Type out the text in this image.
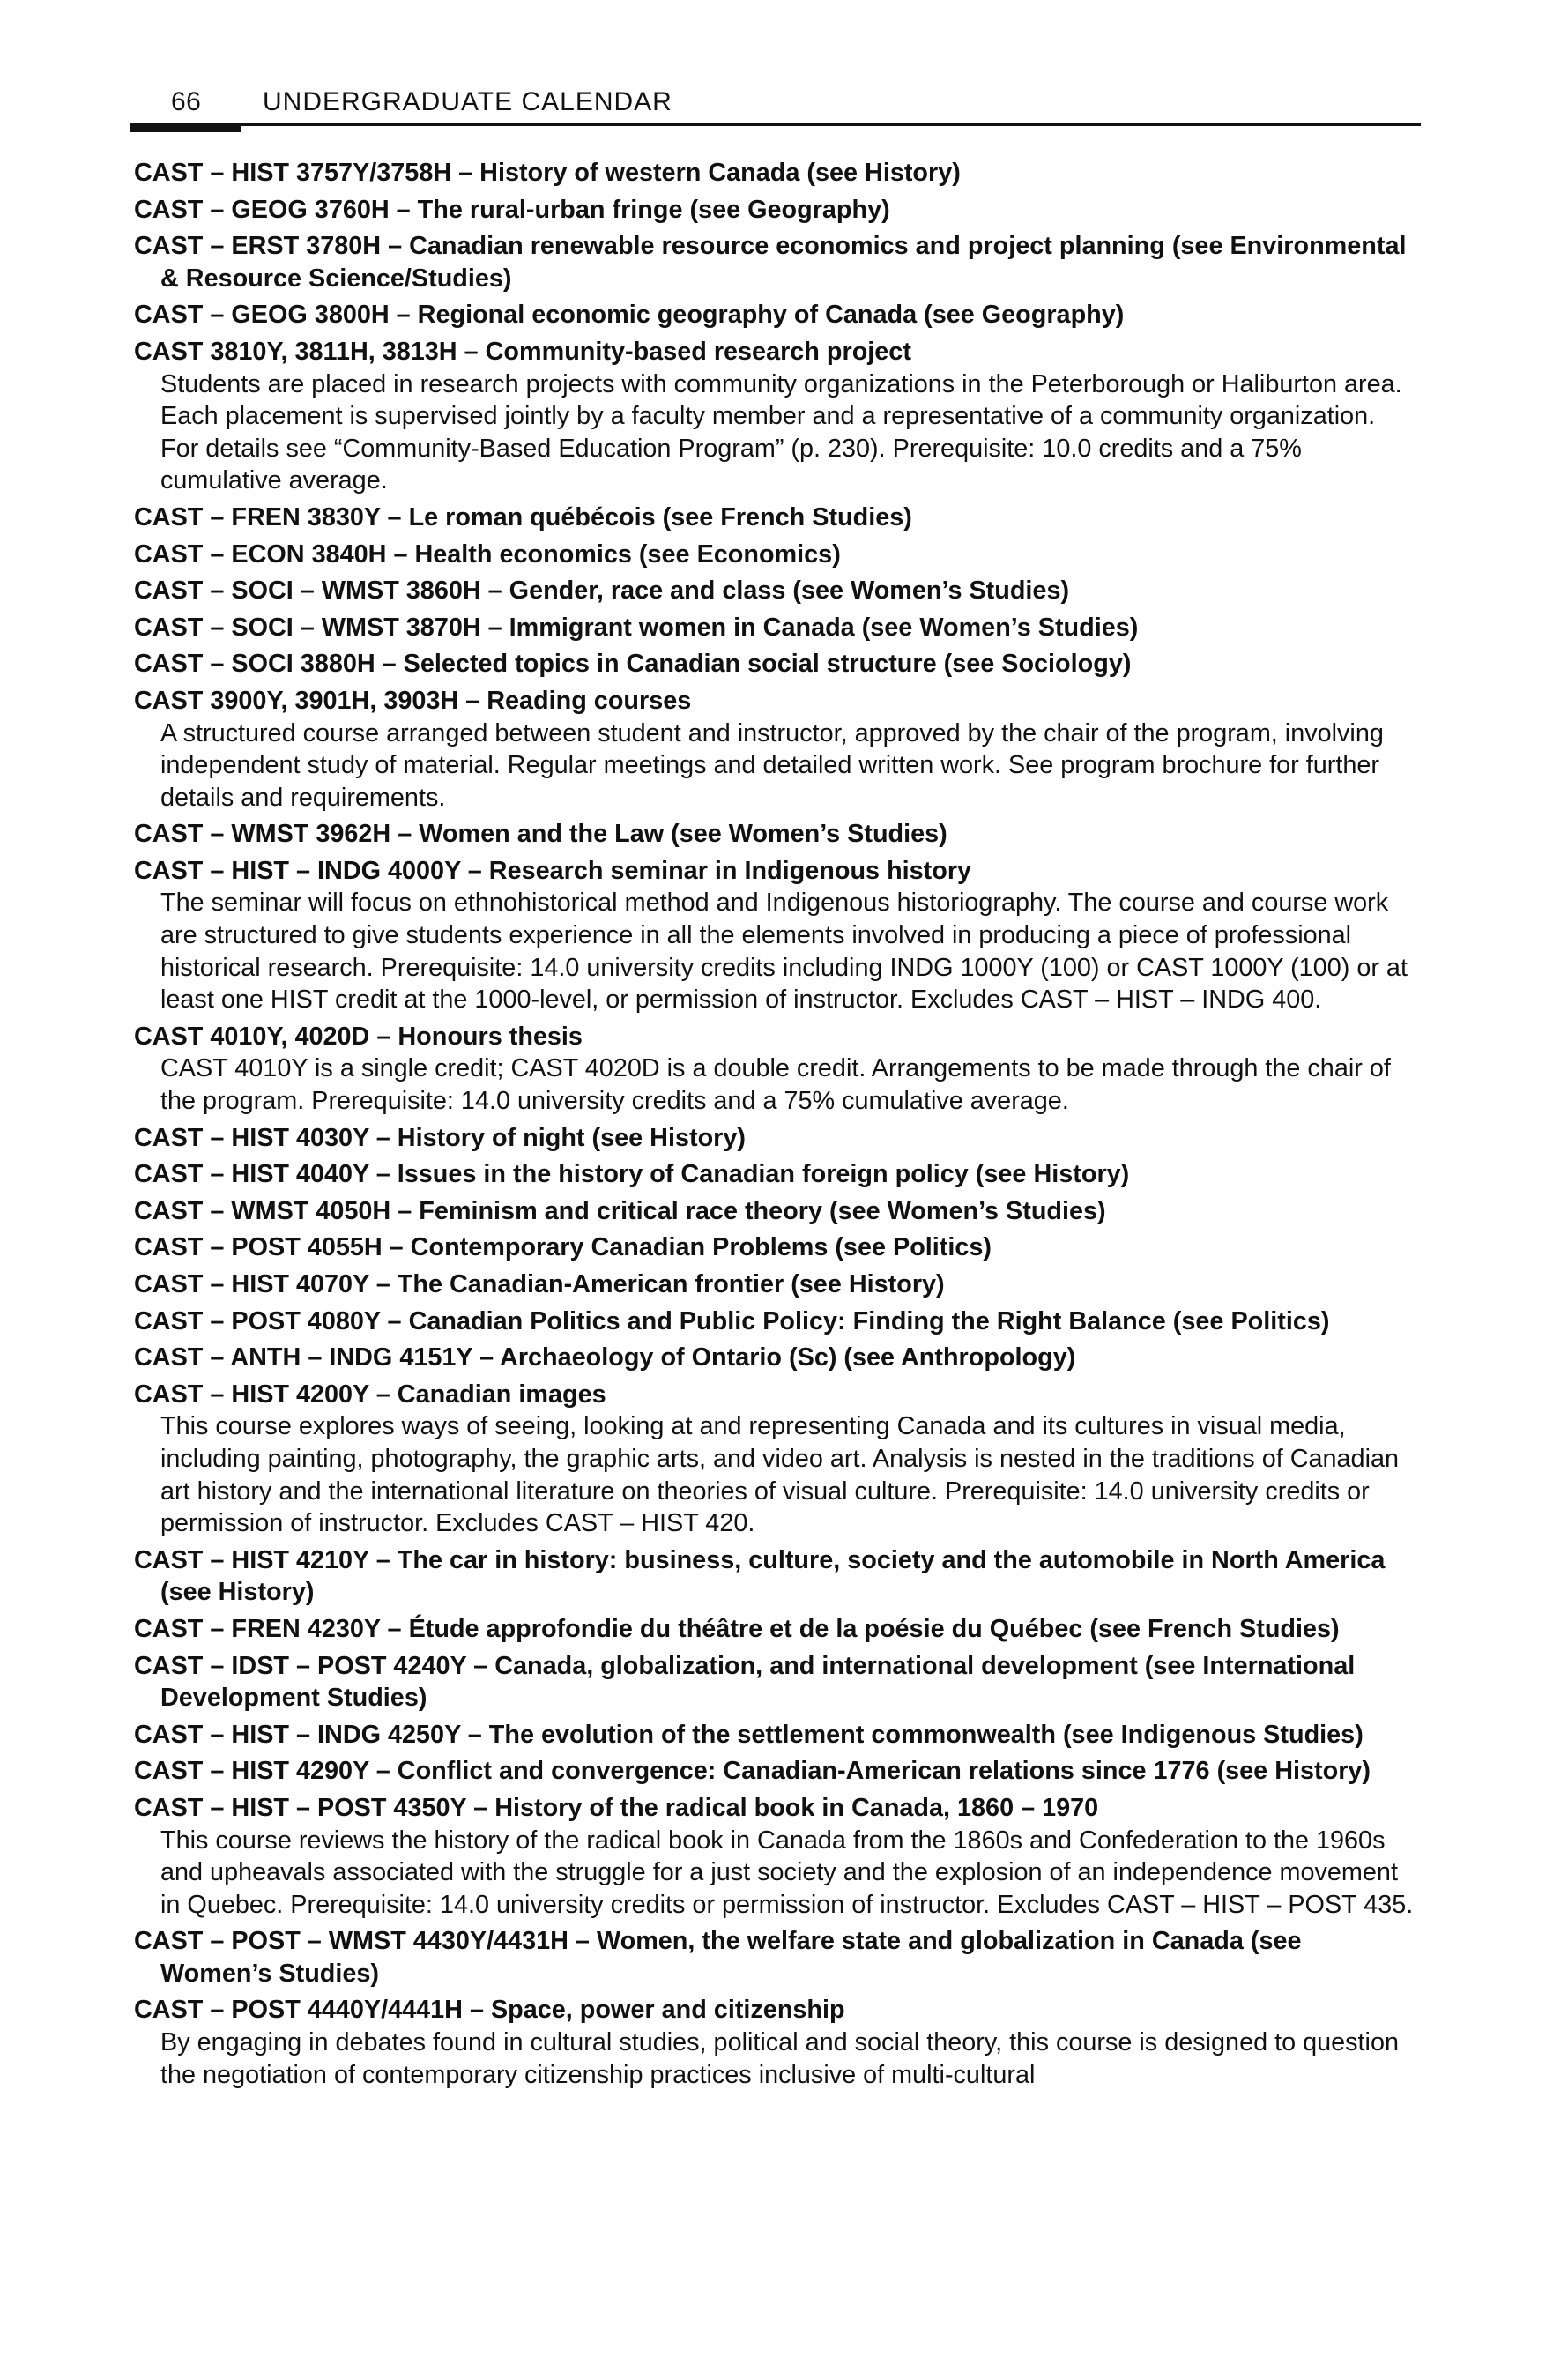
66 UNDERGRADUATE CALENDAR
CAST – HIST 3757Y/3758H – History of western Canada (see History)
CAST – GEOG 3760H – The rural-urban fringe (see Geography)
CAST – ERST 3780H – Canadian renewable resource economics and project planning (see Environmental & Resource Science/Studies)
CAST – GEOG 3800H – Regional economic geography of Canada (see Geography)
CAST 3810Y, 3811H, 3813H – Community-based research project
Students are placed in research projects with community organizations in the Peterborough or Haliburton area. Each placement is supervised jointly by a faculty member and a representative of a community organization. For details see “Community-Based Education Program” (p. 230). Prerequisite: 10.0 credits and a 75% cumulative average.
CAST – FREN 3830Y – Le roman québécois (see French Studies)
CAST – ECON 3840H – Health economics (see Economics)
CAST – SOCI – WMST 3860H – Gender, race and class (see Women’s Studies)
CAST – SOCI – WMST 3870H – Immigrant women in Canada (see Women’s Studies)
CAST – SOCI 3880H – Selected topics in Canadian social structure (see Sociology)
CAST 3900Y, 3901H, 3903H – Reading courses
A structured course arranged between student and instructor, approved by the chair of the program, involving independent study of material. Regular meetings and detailed written work. See program brochure for further details and requirements.
CAST – WMST 3962H – Women and the Law (see Women’s Studies)
CAST – HIST – INDG 4000Y – Research seminar in Indigenous history
The seminar will focus on ethnohistorical method and Indigenous historiography. The course and course work are structured to give students experience in all the elements involved in producing a piece of professional historical research. Prerequisite: 14.0 university credits including INDG 1000Y (100) or CAST 1000Y (100) or at least one HIST credit at the 1000-level, or permission of instructor. Excludes CAST – HIST – INDG 400.
CAST 4010Y, 4020D – Honours thesis
CAST 4010Y is a single credit; CAST 4020D is a double credit. Arrangements to be made through the chair of the program. Prerequisite: 14.0 university credits and a 75% cumulative average.
CAST – HIST 4030Y – History of night (see History)
CAST – HIST 4040Y – Issues in the history of Canadian foreign policy (see History)
CAST – WMST 4050H – Feminism and critical race theory (see Women’s Studies)
CAST – POST 4055H – Contemporary Canadian Problems (see Politics)
CAST – HIST 4070Y – The Canadian-American frontier (see History)
CAST – POST 4080Y – Canadian Politics and Public Policy: Finding the Right Balance (see Politics)
CAST – ANTH – INDG 4151Y – Archaeology of Ontario (Sc) (see Anthropology)
CAST – HIST 4200Y – Canadian images
This course explores ways of seeing, looking at and representing Canada and its cultures in visual media, including painting, photography, the graphic arts, and video art. Analysis is nested in the traditions of Canadian art history and the international literature on theories of visual culture. Prerequisite: 14.0 university credits or permission of instructor. Excludes CAST – HIST 420.
CAST – HIST 4210Y – The car in history: business, culture, society and the automobile in North America (see History)
CAST – FREN 4230Y – Étude approfondie du théâtre et de la poésie du Québec (see French Studies)
CAST – IDST – POST 4240Y – Canada, globalization, and international development (see International Development Studies)
CAST – HIST – INDG 4250Y – The evolution of the settlement commonwealth (see Indigenous Studies)
CAST – HIST 4290Y – Conflict and convergence: Canadian-American relations since 1776 (see History)
CAST – HIST – POST 4350Y – History of the radical book in Canada, 1860 – 1970
This course reviews the history of the radical book in Canada from the 1860s and Confederation to the 1960s and upheavals associated with the struggle for a just society and the explosion of an independence movement in Quebec. Prerequisite: 14.0 university credits or permission of instructor. Excludes CAST – HIST – POST 435.
CAST – POST – WMST 4430Y/4431H – Women, the welfare state and globalization in Canada (see Women’s Studies)
CAST – POST 4440Y/4441H – Space, power and citizenship
By engaging in debates found in cultural studies, political and social theory, this course is designed to question the negotiation of contemporary citizenship practices inclusive of multi-cultural
